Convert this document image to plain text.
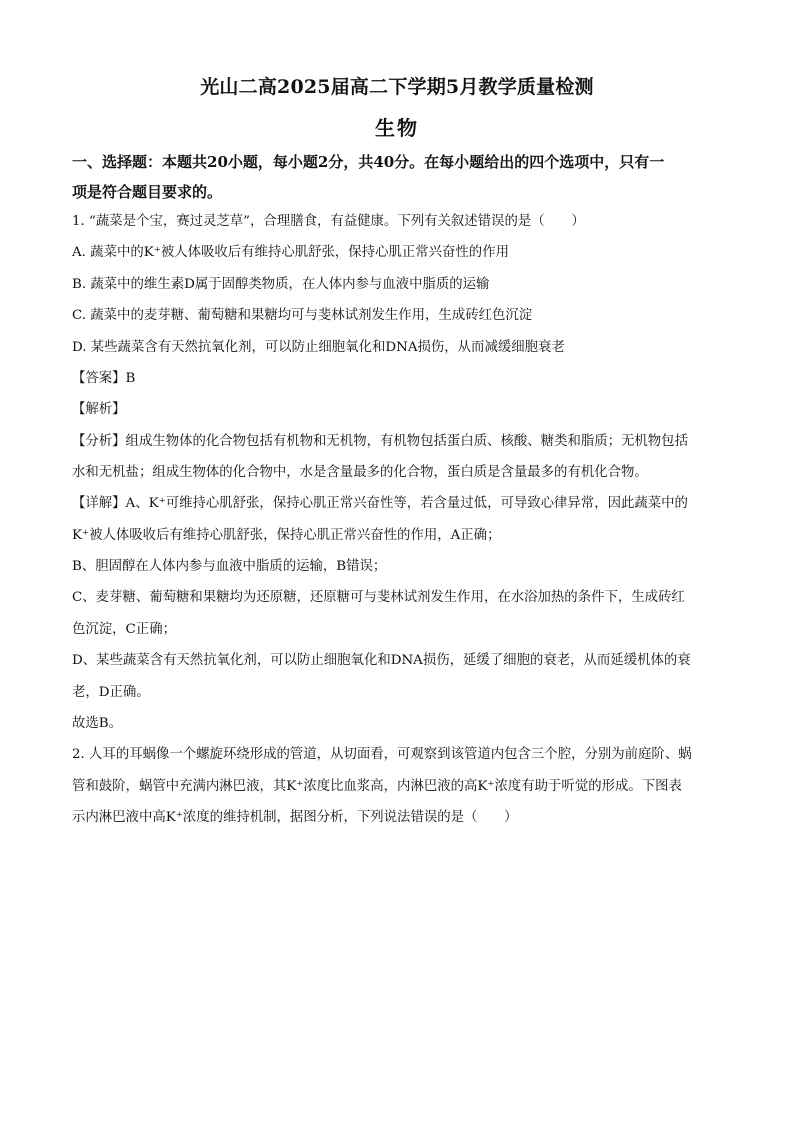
光山二高2025届高二下学期5月教学质量检测
生物
一、选择题：本题共20小题，每小题2分，共40分。在每小题给出的四个选项中，只有一
项是符合题目要求的。
1. “蔬菜是个宝，赛过灵芝草”，合理膳食，有益健康。下列有关叙述错误的是（　　）
A. 蔬菜中的K⁺被人体吸收后有维持心肌舒张，保持心肌正常兴奋性的作用
B. 蔬菜中的维生素D属于固醇类物质，在人体内参与血液中脂质的运输
C. 蔬菜中的麦芽糖、葡萄糖和果糖均可与斐林试剂发生作用，生成砖红色沉淀
D. 某些蔬菜含有天然抗氧化剂，可以防止细胞氧化和DNA损伤，从而减缓细胞衰老
【答案】B
【解析】
【分析】组成生物体的化合物包括有机物和无机物，有机物包括蛋白质、核酸、糖类和脂质；无机物包括
水和无机盐；组成生物体的化合物中，水是含量最多的化合物，蛋白质是含量最多的有机化合物。
【详解】A、K⁺可维持心肌舒张，保持心肌正常兴奋性等，若含量过低，可导致心律异常，因此蔬菜中的
K⁺被人体吸收后有维持心肌舒张，保持心肌正常兴奋性的作用，A正确；
B、胆固醇在人体内参与血液中脂质的运输，B错误；
C、麦芽糖、葡萄糖和果糖均为还原糖，还原糖可与斐林试剂发生作用，在水浴加热的条件下，生成砖红
色沉淀，C正确；
D、某些蔬菜含有天然抗氧化剂，可以防止细胞氧化和DNA损伤，延缓了细胞的衰老，从而延缓机体的衰
老，D正确。
故选B。
2. 人耳的耳蜗像一个螺旋环绕形成的管道，从切面看，可观察到该管道内包含三个腔，分别为前庭阶、蜗
管和鼓阶，蜗管中充满内淋巴液，其K⁺浓度比血浆高，内淋巴液的高K⁺浓度有助于听觉的形成。下图表
示内淋巴液中高K⁺浓度的维持机制，据图分析，下列说法错误的是（　　）
